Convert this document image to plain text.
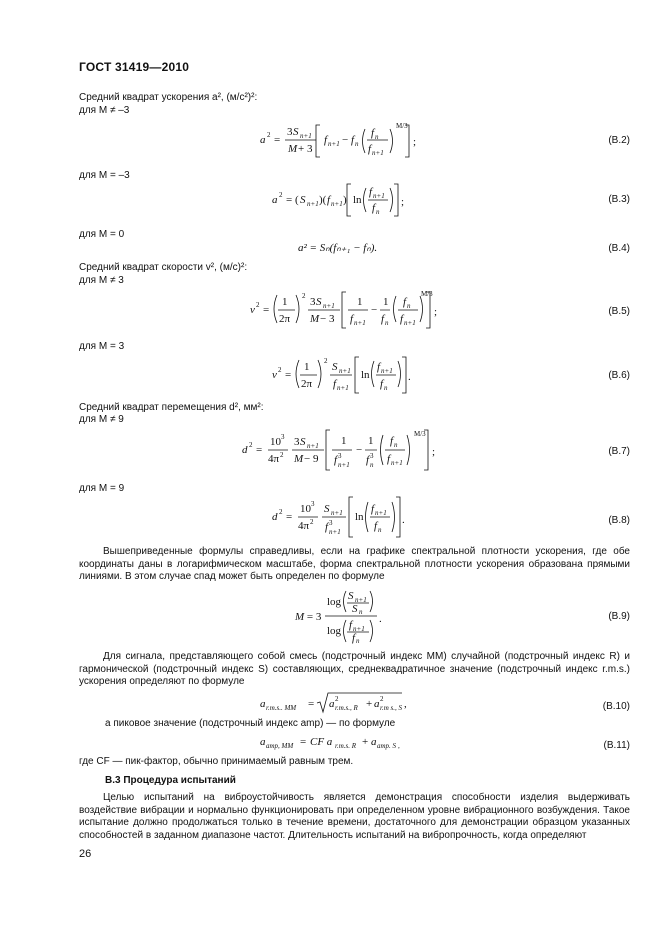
ГОСТ 31419—2010
Средний квадрат ускорения a², (м/с²)²:
для M ≠ –3
a 2 =
3 S n+1
M + 3
f n+1 − f n
f n
f n+1
M/3
;	(B.2)
для M = –3
a 2 = ( S n+1 )( f n+1 ) ln
f n+1
f n
;	(B.3)
для M = 0
a² = Sₙ(fₙ₊₁ − fₙ).	(B.4)
Средний квадрат скорости v², (м/с)²:
для M ≠ 3
v 2 =
1
2π
2 3 S n+1
M − 3
1
f n+1
−
1
f n
f n
f n+1
M/3
;	(B.5)
для M = 3
v 2 =
1
2π
2 S n+1
f n+1
ln
f n+1
f n
.	(B.6)
Средний квадрат перемещения d², мм²:
для M ≠ 9
d 2 =
10 3
4π 2
3 S n+1
M − 9
1
f 3
n+1
−
1
f 3
n
f n
f n+1
M/3
;	(B.7)
для M = 9
d 2 =
10 3
4π 2
S n+1
f 3
n+1
ln
f n+1
f n
.	(B.8)
Вышеприведенные формулы справедливы, если на графике спектральной плотности ускорения, где обе координаты даны в логарифмическом масштабе, форма спектральной плотности ускорения образована прямыми линиями. В этом случае спад может быть определен по формуле
M = 3
log S n+1
S n
log f n+1
f n
.	(B.9)
Для сигнала, представляющего собой смесь (подстрочный индекс MM) случайной (подстрочный индекс R) и гармонической (подстрочный индекс S) составляющих, среднеквадратичное значение (подстрочный индекс r.m.s.) ускорения определяют по формуле
a r.m.s.. MM = a 2
r.m.s., R + a 2
r.m s., S ,	(B.10)
а пиковое значение (подстрочный индекс amp) — по формуле
a amp, MM = CF a r.m.s. R + a amp. S ,	(B.11)
где CF — пик-фактор, обычно принимаемый равным трем.
В.3 Процедура испытаний
Целью испытаний на виброустойчивость является демонстрация способности изделия выдерживать воздействие вибрации и нормально функционировать при определенном уровне вибрационного возбуждения. Такое испытание должно продолжаться только в течение времени, достаточного для демонстрации образцом указанных способностей в заданном диапазоне частот. Длительность испытаний на вибропрочность, когда определяют
26
